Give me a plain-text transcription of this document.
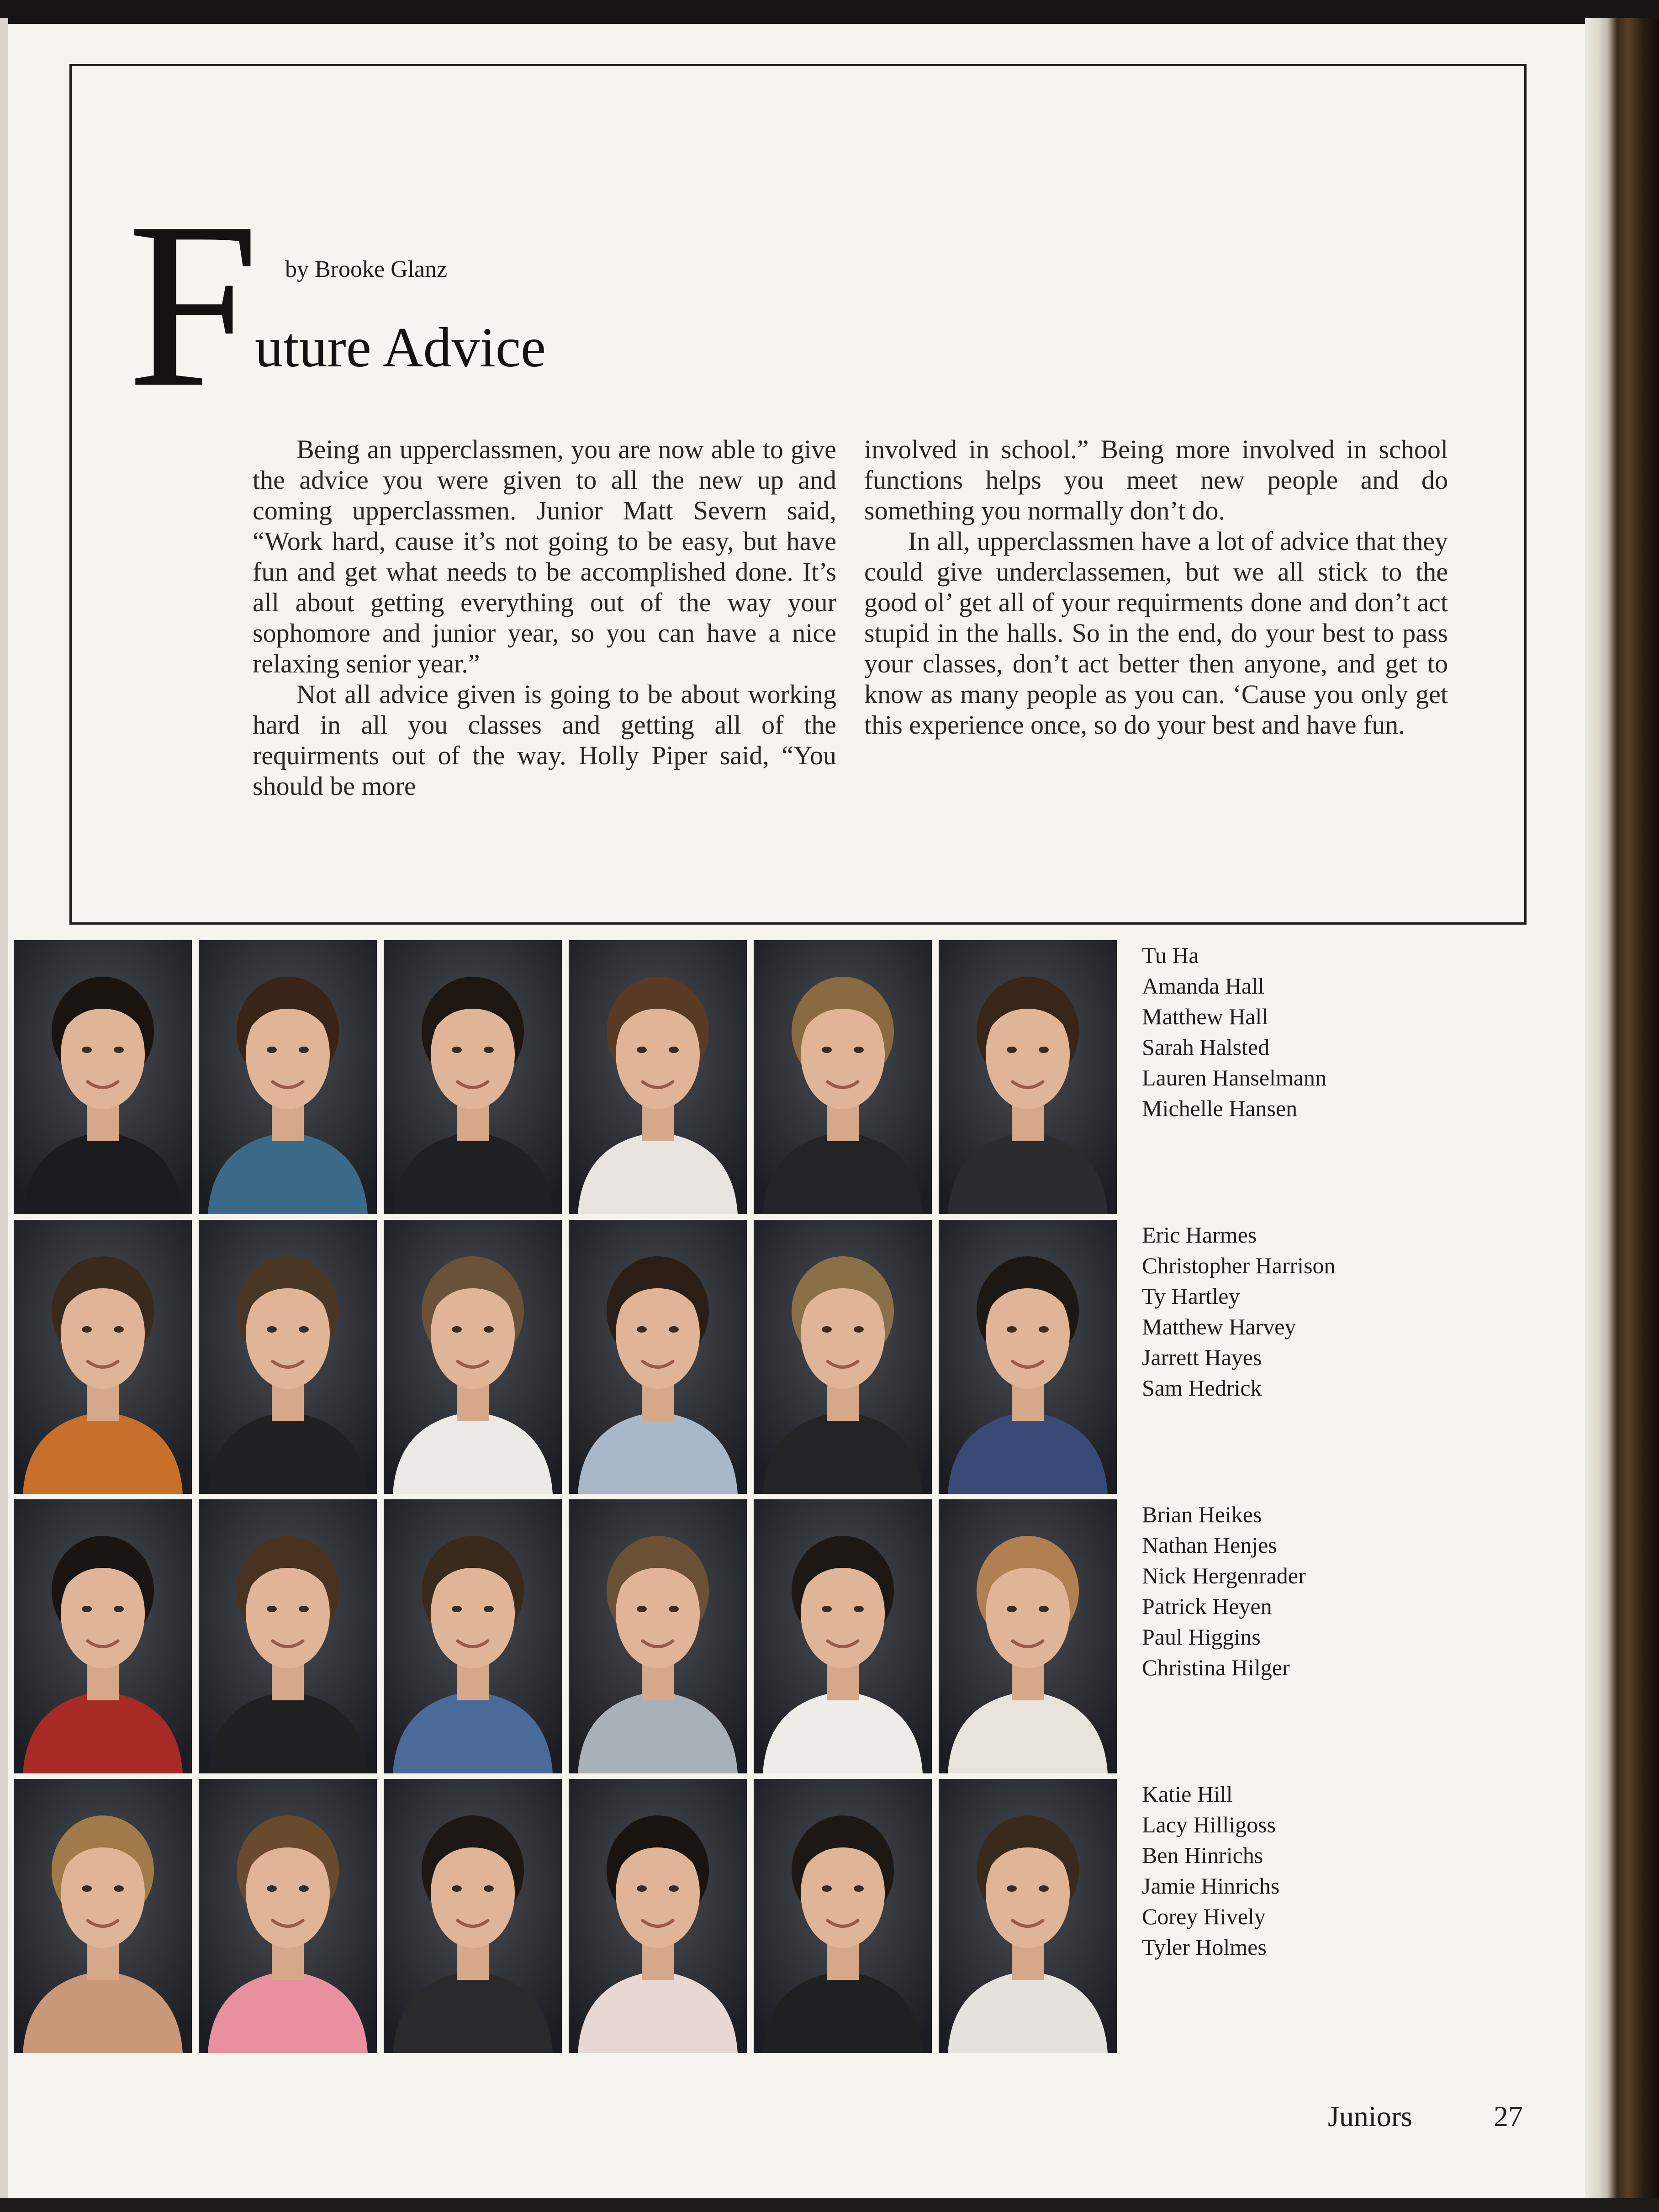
F by Brooke Glanz
uture Advice

Being an upperclassmen, you are now able to give the advice you were given to all the new up and coming upperclassmen. Junior Matt Severn said, “Work hard, cause it’s not going to be easy, but have fun and get what needs to be accomplished done. It’s all about getting everything out of the way your sophomore and junior year, so you can have a nice relaxing senior year.”

Not all advice given is going to be about working hard in all you classes and getting all of the requirments out of the way. Holly Piper said, “You should be more

involved in school.” Being more involved in school functions helps you meet new people and do something you normally don’t do.

In all, upperclassmen have a lot of advice that they could give underclassemen, but we all stick to the good ol’ get all of your requirments done and don’t act stupid in the halls. So in the end, do your best to pass your classes, don’t act better then anyone, and get to know as many people as you can. ‘Cause you only get this experience once, so do your best and have fun.

Tu Ha
Amanda Hall
Matthew Hall
Sarah Halsted
Lauren Hanselmann
Michelle Hansen
Eric Harmes
Christopher Harrison
Ty Hartley
Matthew Harvey
Jarrett Hayes
Sam Hedrick
Brian Heikes
Nathan Henjes
Nick Hergenrader
Patrick Heyen
Paul Higgins
Christina Hilger
Katie Hill
Lacy Hilligoss
Ben Hinrichs
Jamie Hinrichs
Corey Hively
Tyler Holmes
Juniors	27
